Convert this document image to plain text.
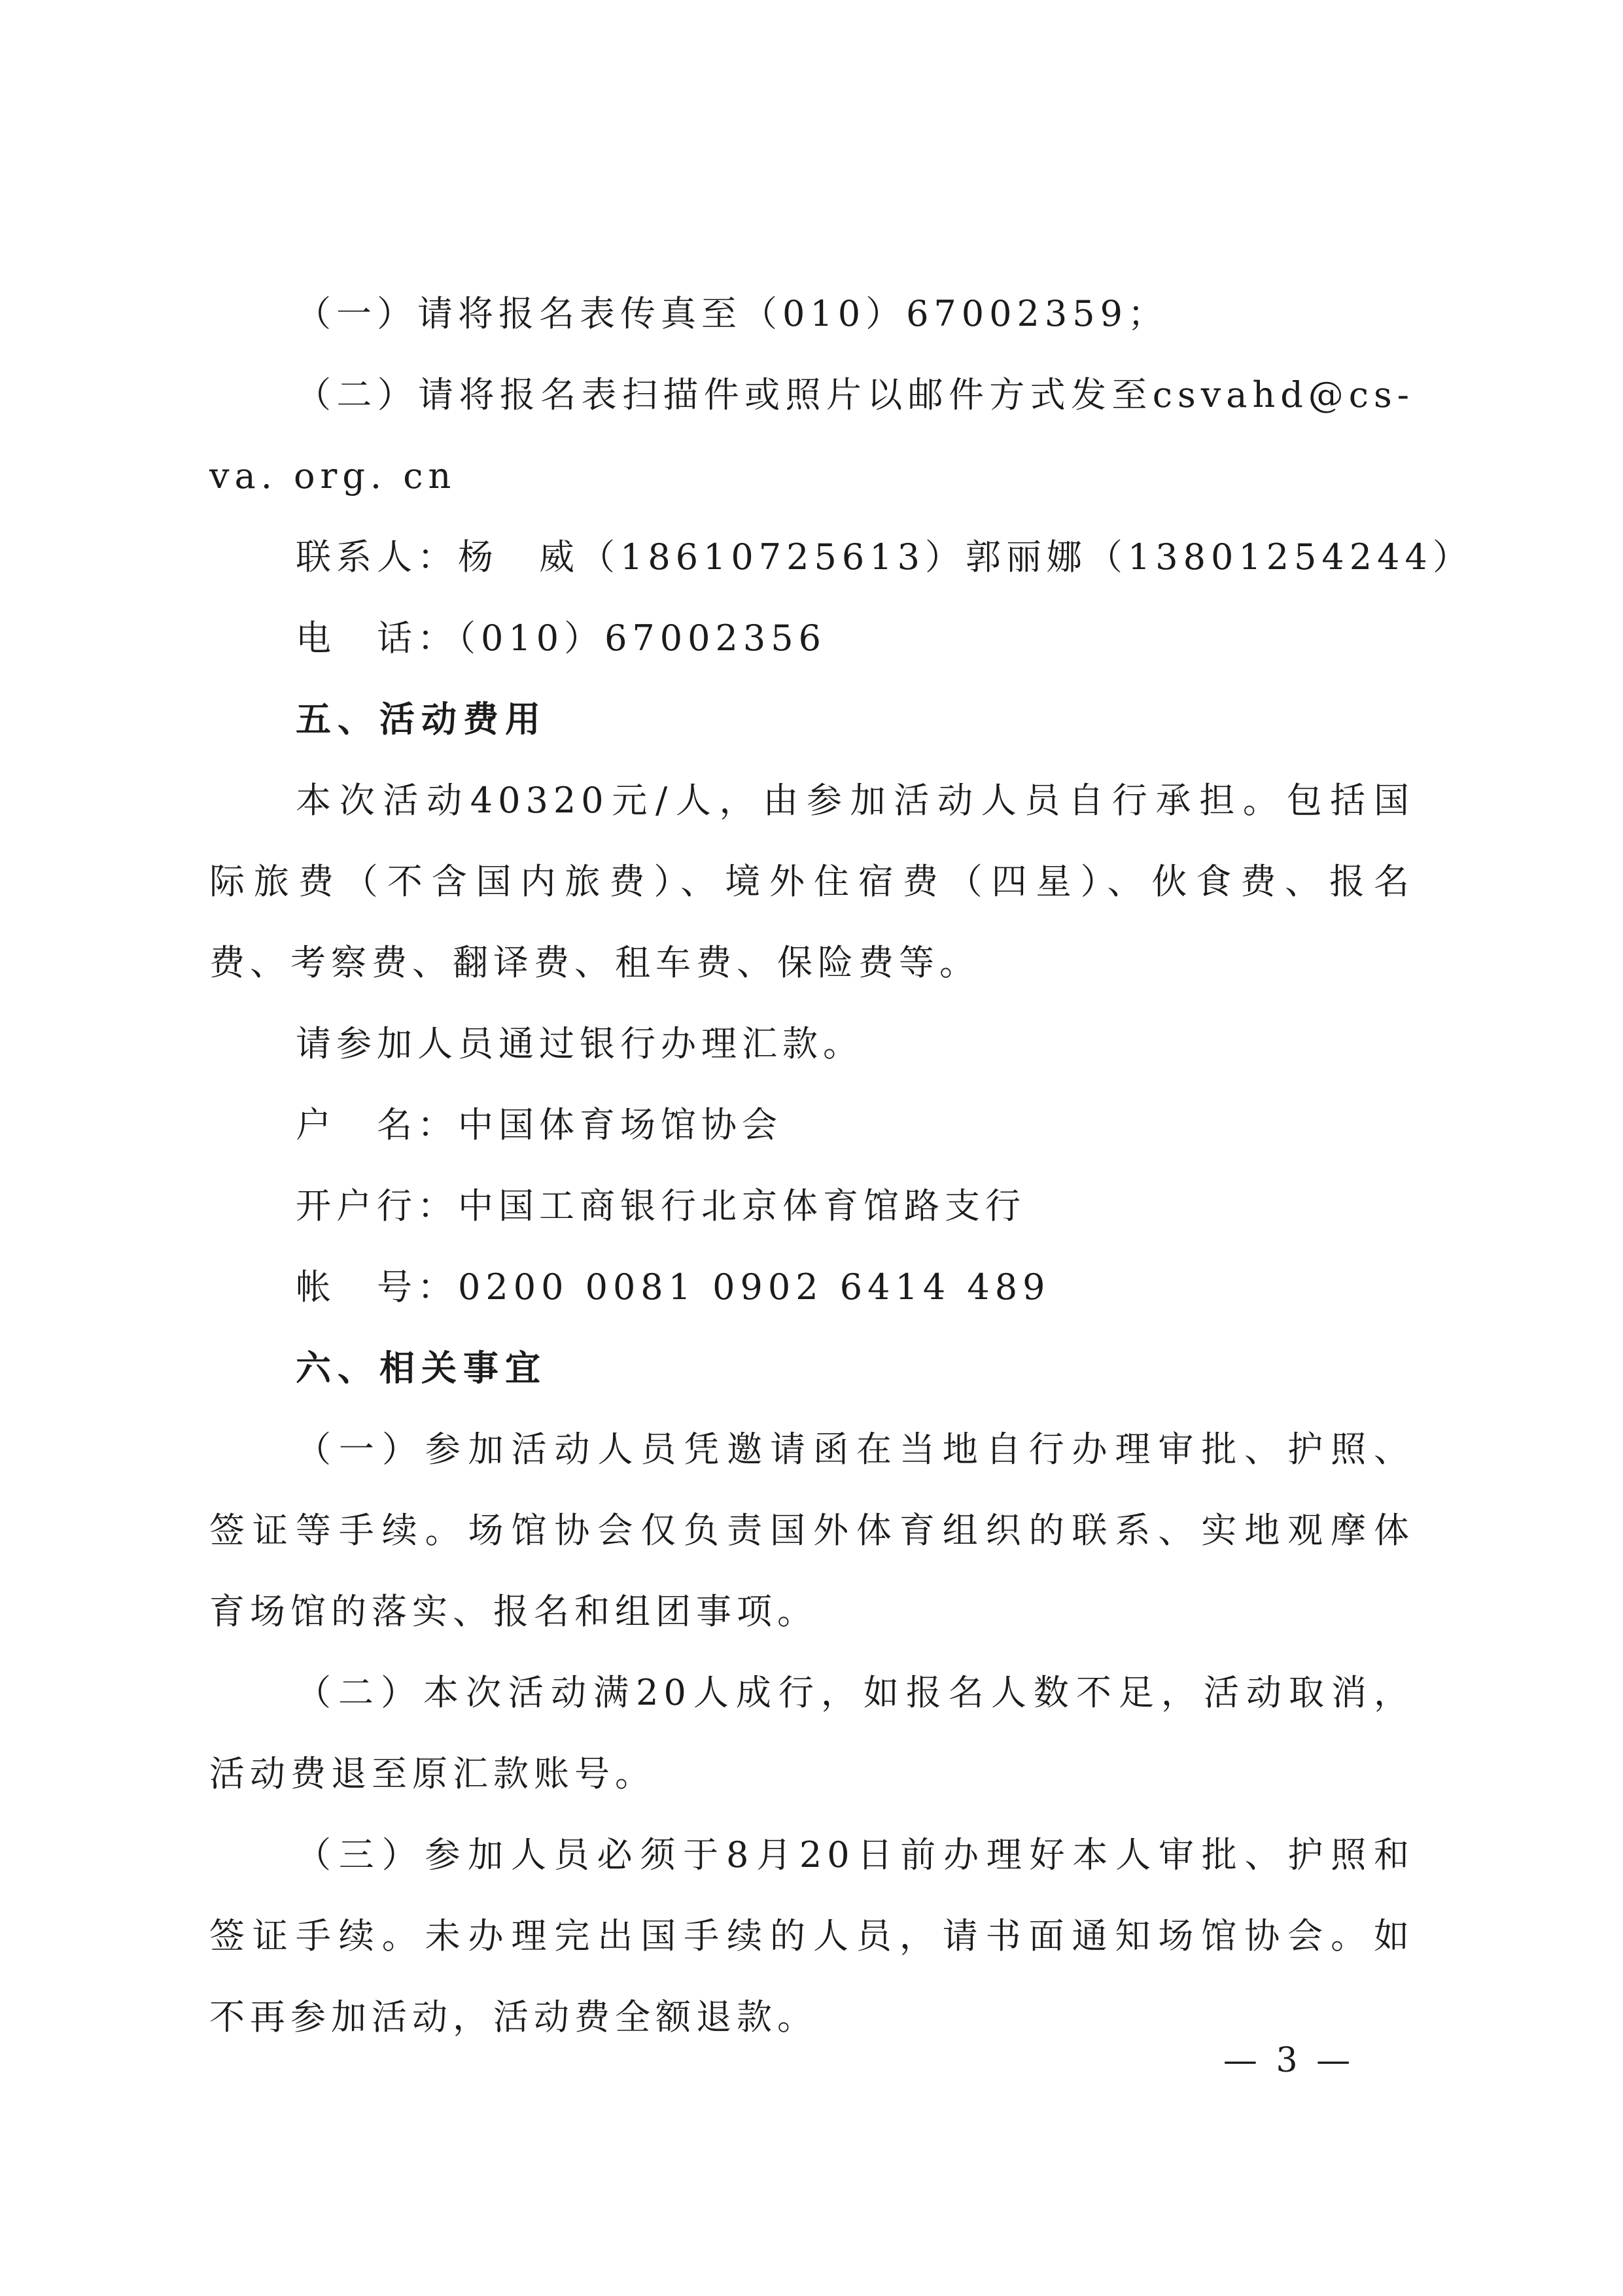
（一）请将报名表传真至（010）67002359；
（二）请将报名表扫描件或照片以邮件方式发至csvahd@cs-
va. org. cn
联系人：杨　威（18610725613）郭丽娜（13801254244）
电　话：（010）67002356
五、活动费用
本次活动40320元/人，由参加活动人员自行承担。包括国
际旅费（不含国内旅费）、境外住宿费（四星）、伙食费、报名
费、考察费、翻译费、租车费、保险费等。
请参加人员通过银行办理汇款。
户　名：中国体育场馆协会
开户行：中国工商银行北京体育馆路支行
帐　号：0200 0081 0902 6414 489
六、相关事宜
（一）参加活动人员凭邀请函在当地自行办理审批、护照、
签证等手续。场馆协会仅负责国外体育组织的联系、实地观摩体
育场馆的落实、报名和组团事项。
（二）本次活动满20人成行，如报名人数不足，活动取消，
活动费退至原汇款账号。
（三）参加人员必须于8月20日前办理好本人审批、护照和
签证手续。未办理完出国手续的人员，请书面通知场馆协会。如
不再参加活动，活动费全额退款。
— 3 —
